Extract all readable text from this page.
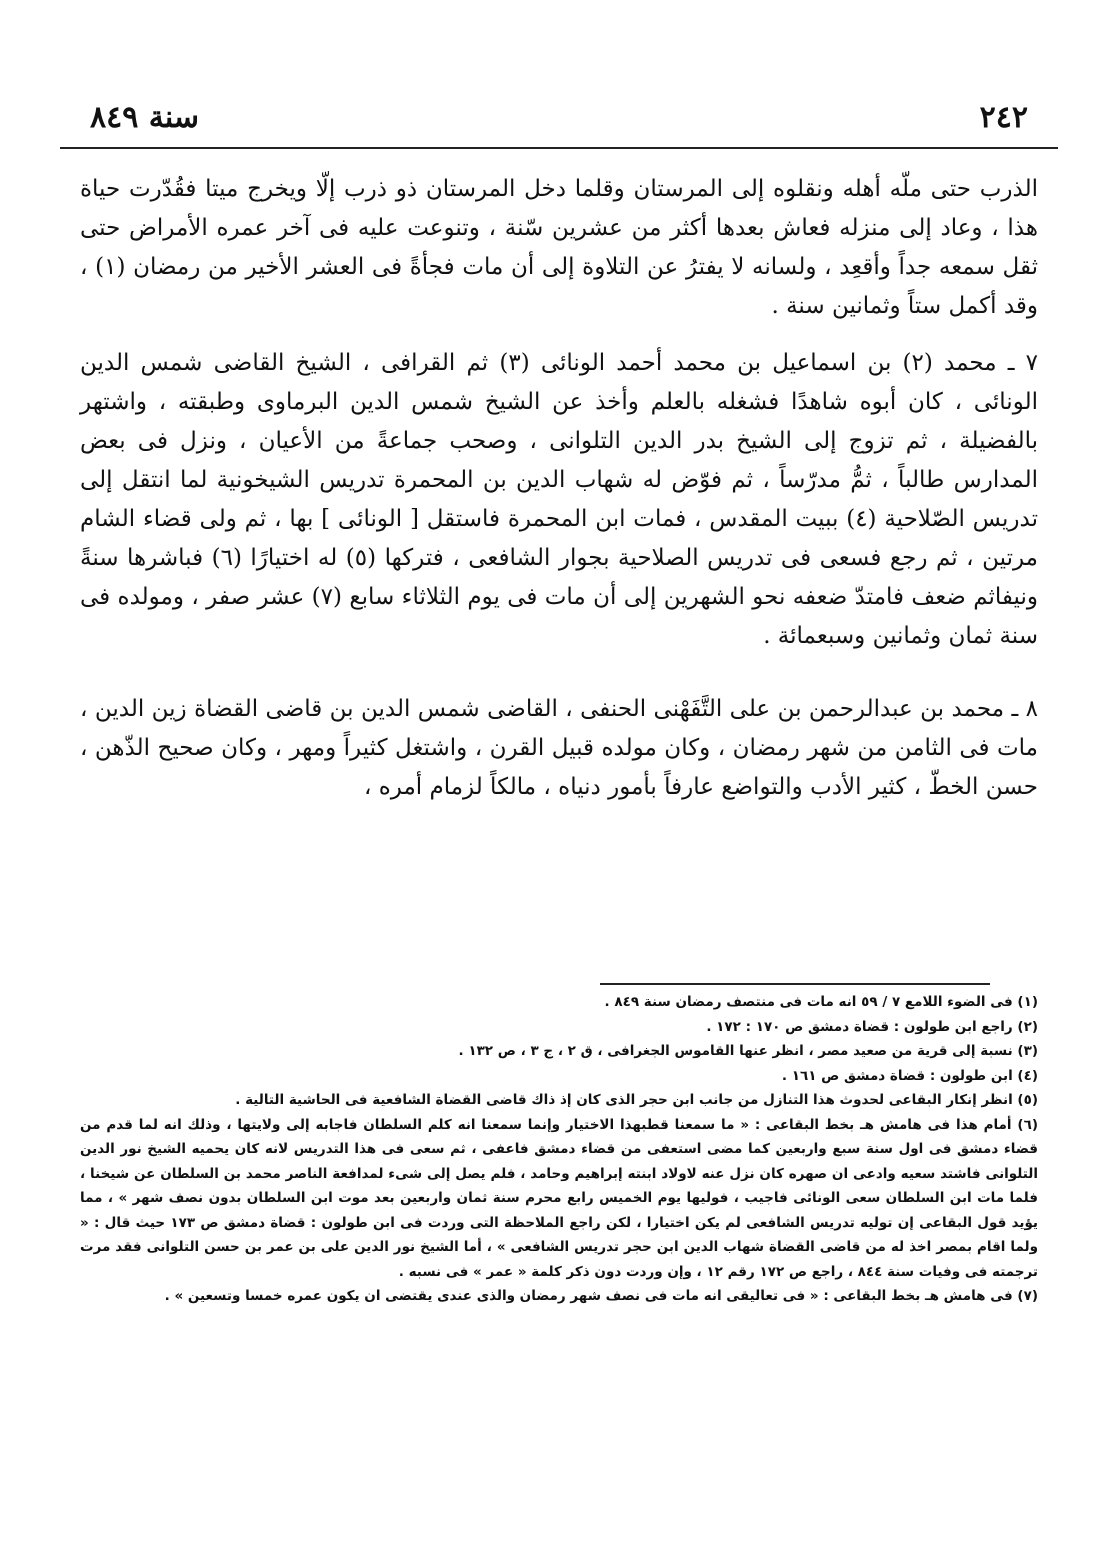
٢٤٢
سنة ٨٤٩

الذرب حتى ملّه أهله ونقلوه إلى المرستان وقلما دخل المرستان ذو ذرب إلّا ويخرج ميتا فقُدّرت حياة هذا ، وعاد إلى منزله فعاش بعدها أكثر من عشرين سّنة ، وتنوعت عليه فى آخر عمره الأمراض حتى ثقل سمعه جداً وأقعِد ، ولسانه لا يفترُ عن التلاوة إلى أن مات فجأةً فى العشر الأخير من رمضان (١) ، وقد أكمل ستاً وثمانين سنة .

٧ ـ محمد (٢) بن اسماعيل بن محمد أحمد الونائى (٣) ثم القرافى ، الشيخ القاضى شمس الدين الونائى ، كان أبوه شاهدًا فشغله بالعلم وأخذ عن الشيخ شمس الدين البرماوى وطبقته ، واشتهر بالفضيلة ، ثم تزوج إلى الشيخ بدر الدين التلوانى ، وصحب جماعةً من الأعيان ، ونزل فى بعض المدارس طالباً ، ثمُّ مدرّساً ، ثم فوّض له شهاب الدين بن المحمرة تدريس الشيخونية لما انتقل إلى تدريس الصّلاحية (٤) ببيت المقدس ، فمات ابن المحمرة فاستقل [ الونائى ] بها ، ثم ولى قضاء الشام مرتين ، ثم رجع فسعى فى تدريس الصلاحية بجوار الشافعى ، فتركها (٥) له اختيارًا (٦) فباشرها سنةً ونيفاثم ضعف فامتدّ ضعفه نحو الشهرين إلى أن مات فى يوم الثلاثاء سابع (٧) عشر صفر ، ومولده فى سنة ثمان وثمانين وسبعمائة .

٨ ـ محمد بن عبدالرحمن بن على التَّفَهْنى الحنفى ، القاضى شمس الدين بن قاضى القضاة زين الدين ، مات فى الثامن من شهر رمضان ، وكان مولده قبيل القرن ، واشتغل كثيراً ومهر ، وكان صحيح الذّهن ، حسن الخطّ ، كثير الأدب والتواضع عارفاً بأمور دنياه ، مالكاً لزمام أمره ،

(١) فى الضوء اللامع ٧ / ٥٩ انه مات فى منتصف رمضان سنة ٨٤٩ .

(٢) راجع ابن طولون : قضاة دمشق ص ١٧٠ : ١٧٢ .

(٣) نسبة إلى قرية من صعيد مصر ، انظر عنها القاموس الجغرافى ، ق ٢ ، ج ٣ ، ص ١٣٢ .

(٤) ابن طولون : قضاة دمشق ص ١٦١ .

(٥) انظر إنكار البقاعى لحدوث هذا التنازل من جانب ابن حجر الذى كان إذ ذاك قاضى القضاة الشافعية فى الحاشية التالية .

(٦) أمام هذا فى هامش هـ بخط البقاعى : « ما سمعنا قطبهذا الاختيار وإنما سمعنا انه كلم السلطان فاجابه إلى ولايتها ، وذلك انه لما قدم من قضاء دمشق فى اول سنة سبع واربعين كما مضى استعفى من قضاء دمشق فاعفى ، ثم سعى فى هذا التدريس لانه كان يحميه الشيخ نور الدين التلوانى فاشتد سعيه وادعى ان صهره كان نزل عنه لاولاد ابنته إبراهيم وحامد ، فلم يصل إلى شىء لمدافعة الناصر محمد بن السلطان عن شيخنا ، فلما مات ابن السلطان سعى الونائى فاجيب ، فوليها يوم الخميس رابع محرم سنة ثمان واربعين بعد موت ابن السلطان بدون نصف شهر » ، مما يؤيد قول البقاعى إن توليه تدريس الشافعى لم يكن اختيارا ، لكن راجع الملاحظة التى وردت فى ابن طولون : قضاة دمشق ص ١٧٣ حيث قال : « ولما اقام بمصر اخذ له من قاضى القضاة شهاب الدين ابن حجر تدريس الشافعى » ، أما الشيخ نور الدين على بن عمر بن حسن التلوانى فقد مرت ترجمته فى وفيات سنة ٨٤٤ ، راجع ص ١٧٢ رقم ١٢ ، وإن وردت دون ذكر كلمة « عمر » فى نسبه .

(٧) فى هامش هـ بخط البقاعى : « فى تعاليقى انه مات فى نصف شهر رمضان والذى عندى يقتضى ان يكون عمره خمسا وتسعين » .
